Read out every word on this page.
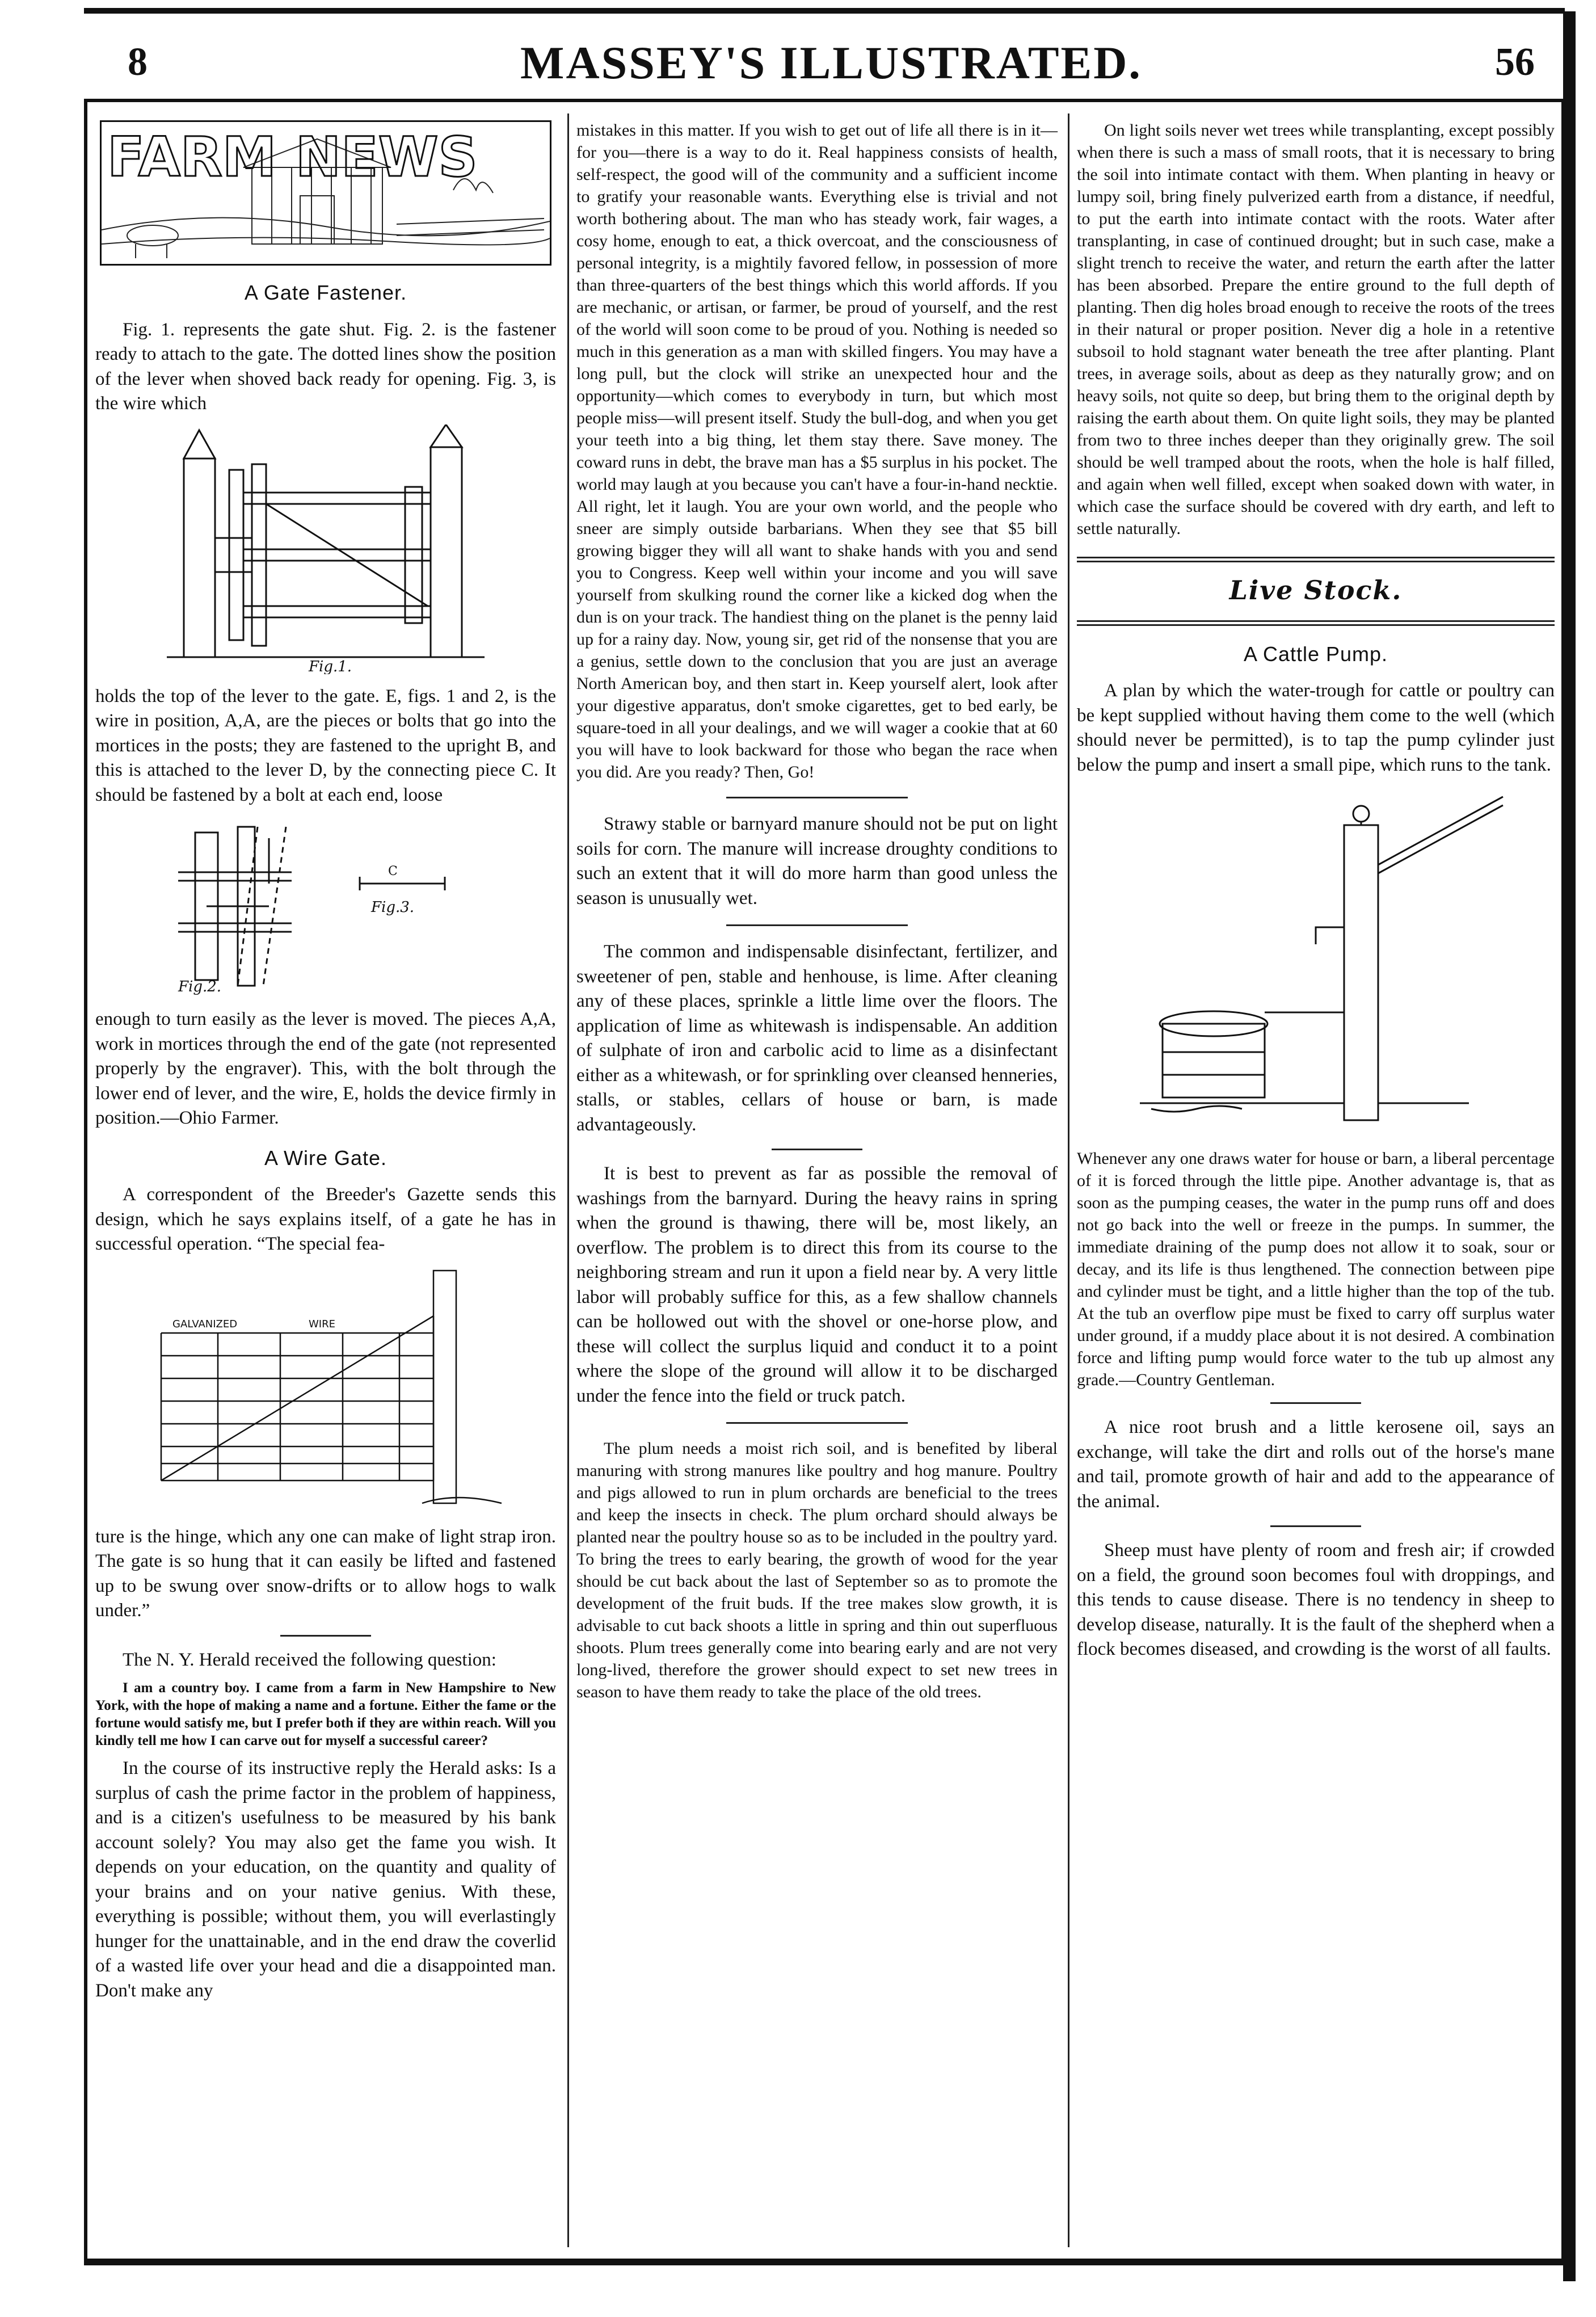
8	MASSEY'S ILLUSTRATED.	56
FARM NEWS
A Gate Fastener.

Fig. 1. represents the gate shut. Fig. 2. is the fastener ready to attach to the gate. The dotted lines show the position of the lever when shoved back ready for opening. Fig. 3, is the wire which

Fig.1.

holds the top of the lever to the gate. E, figs. 1 and 2, is the wire in position, A,A, are the pieces or bolts that go into the mortices in the posts; they are fastened to the upright B, and this is attached to the lever D, by the connecting piece C. It should be fastened by a bolt at each end, loose

C
Fig.2.
Fig.3.

enough to turn easily as the lever is moved. The pieces A,A, work in mortices through the end of the gate (not represented properly by the engraver). This, with the bolt through the lower end of lever, and the wire, E, holds the device firmly in position.—Ohio Farmer.

A Wire Gate.

A correspondent of the Breeder's Gazette sends this design, which he says explains itself, of a gate he has in successful operation. “The special fea-

GALVANIZED	WIRE

ture is the hinge, which any one can make of light strap iron. The gate is so hung that it can easily be lifted and fastened up to be swung over snow-drifts or to allow hogs to walk under.”

The N. Y. Herald received the following question:

I am a country boy. I came from a farm in New Hampshire to New York, with the hope of making a name and a fortune. Either the fame or the fortune would satisfy me, but I prefer both if they are within reach. Will you kindly tell me how I can carve out for myself a successful career?

In the course of its instructive reply the Herald asks: Is a surplus of cash the prime factor in the problem of happiness, and is a citizen's usefulness to be measured by his bank account solely? You may also get the fame you wish. It depends on your education, on the quantity and quality of your brains and on your native genius. With these, everything is possible; without them, you will everlastingly hunger for the unattainable, and in the end draw the coverlid of a wasted life over your head and die a disappointed man. Don't make any

mistakes in this matter. If you wish to get out of life all there is in it—for you—there is a way to do it. Real happiness consists of health, self-respect, the good will of the community and a sufficient income to gratify your reasonable wants. Everything else is trivial and not worth bothering about. The man who has steady work, fair wages, a cosy home, enough to eat, a thick overcoat, and the consciousness of personal integrity, is a mightily favored fellow, in possession of more than three-quarters of the best things which this world affords. If you are mechanic, or artisan, or farmer, be proud of yourself, and the rest of the world will soon come to be proud of you. Nothing is needed so much in this generation as a man with skilled fingers. You may have a long pull, but the clock will strike an unexpected hour and the opportunity—which comes to everybody in turn, but which most people miss—will present itself. Study the bull-dog, and when you get your teeth into a big thing, let them stay there. Save money. The coward runs in debt, the brave man has a $5 surplus in his pocket. The world may laugh at you because you can't have a four-in-hand necktie. All right, let it laugh. You are your own world, and the people who sneer are simply outside barbarians. When they see that $5 bill growing bigger they will all want to shake hands with you and send you to Congress. Keep well within your income and you will save yourself from skulking round the corner like a kicked dog when the dun is on your track. The handiest thing on the planet is the penny laid up for a rainy day. Now, young sir, get rid of the nonsense that you are a genius, settle down to the conclusion that you are just an average North American boy, and then start in. Keep yourself alert, look after your digestive apparatus, don't smoke cigarettes, get to bed early, be square-toed in all your dealings, and we will wager a cookie that at 60 you will have to look backward for those who began the race when you did. Are you ready? Then, Go!

Strawy stable or barnyard manure should not be put on light soils for corn. The manure will increase droughty conditions to such an extent that it will do more harm than good unless the season is unusually wet.

The common and indispensable disinfectant, fertilizer, and sweetener of pen, stable and henhouse, is lime. After cleaning any of these places, sprinkle a little lime over the floors. The application of lime as whitewash is indispensable. An addition of sulphate of iron and carbolic acid to lime as a disinfectant either as a whitewash, or for sprinkling over cleansed henneries, stalls, or stables, cellars of house or barn, is made advantageously.

It is best to prevent as far as possible the removal of washings from the barnyard. During the heavy rains in spring when the ground is thawing, there will be, most likely, an overflow. The problem is to direct this from its course to the neighboring stream and run it upon a field near by. A very little labor will probably suffice for this, as a few shallow channels can be hollowed out with the shovel or one-horse plow, and these will collect the surplus liquid and conduct it to a point where the slope of the ground will allow it to be discharged under the fence into the field or truck patch.

The plum needs a moist rich soil, and is benefited by liberal manuring with strong manures like poultry and hog manure. Poultry and pigs allowed to run in plum orchards are beneficial to the trees and keep the insects in check. The plum orchard should always be planted near the poultry house so as to be included in the poultry yard. To bring the trees to early bearing, the growth of wood for the year should be cut back about the last of September so as to promote the development of the fruit buds. If the tree makes slow growth, it is advisable to cut back shoots a little in spring and thin out superfluous shoots. Plum trees generally come into bearing early and are not very long-lived, therefore the grower should expect to set new trees in season to have them ready to take the place of the old trees.

On light soils never wet trees while transplanting, except possibly when there is such a mass of small roots, that it is necessary to bring the soil into intimate contact with them. When planting in heavy or lumpy soil, bring finely pulverized earth from a distance, if needful, to put the earth into intimate contact with the roots. Water after transplanting, in case of continued drought; but in such case, make a slight trench to receive the water, and return the earth after the latter has been absorbed. Prepare the entire ground to the full depth of planting. Then dig holes broad enough to receive the roots of the trees in their natural or proper position. Never dig a hole in a retentive subsoil to hold stagnant water beneath the tree after planting. Plant trees, in average soils, about as deep as they naturally grow; and on heavy soils, not quite so deep, but bring them to the original depth by raising the earth about them. On quite light soils, they may be planted from two to three inches deeper than they originally grew. The soil should be well tramped about the roots, when the hole is half filled, and again when well filled, except when soaked down with water, in which case the surface should be covered with dry earth, and left to settle naturally.

Live Stock.
A Cattle Pump.

A plan by which the water-trough for cattle or poultry can be kept supplied without having them come to the well (which should never be permitted), is to tap the pump cylinder just below the pump and insert a small pipe, which runs to the tank.

Whenever any one draws water for house or barn, a liberal percentage of it is forced through the little pipe. Another advantage is, that as soon as the pumping ceases, the water in the pump runs off and does not go back into the well or freeze in the pumps. In summer, the immediate draining of the pump does not allow it to soak, sour or decay, and its life is thus lengthened. The connection between pipe and cylinder must be tight, and a little higher than the top of the tub. At the tub an overflow pipe must be fixed to carry off surplus water under ground, if a muddy place about it is not desired. A combination force and lifting pump would force water to the tub up almost any grade.—Country Gentleman.

A nice root brush and a little kerosene oil, says an exchange, will take the dirt and rolls out of the horse's mane and tail, promote growth of hair and add to the appearance of the animal.

Sheep must have plenty of room and fresh air; if crowded on a field, the ground soon becomes foul with droppings, and this tends to cause disease. There is no tendency in sheep to develop disease, naturally. It is the fault of the shepherd when a flock becomes diseased, and crowding is the worst of all faults.
